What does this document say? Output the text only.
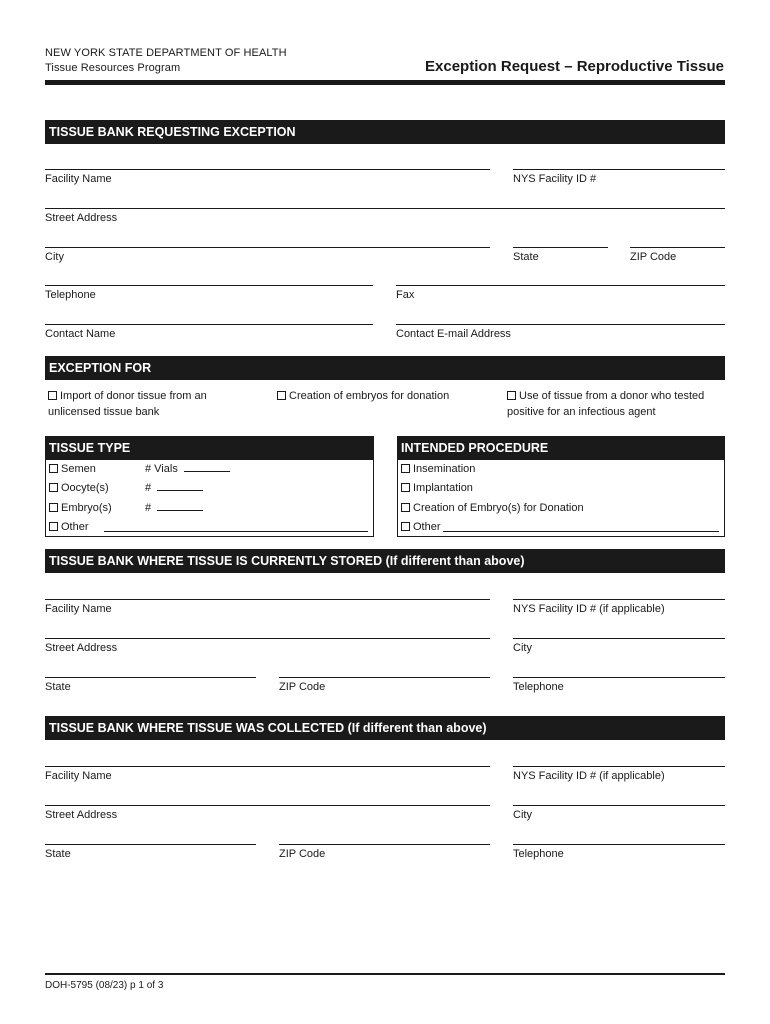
NEW YORK STATE DEPARTMENT OF HEALTH
Tissue Resources Program	Exception Request – Reproductive Tissue
TISSUE BANK REQUESTING EXCEPTION
Facility Name	NYS Facility ID #
Street Address
City	State	ZIP Code
Telephone	Fax
Contact Name	Contact E-mail Address
EXCEPTION FOR
Import of donor tissue from an unlicensed tissue bank
Creation of embryos for donation	Use of tissue from a donor who tested positive for an infectious agent
TISSUE TYPE
Semen	# Vials
Oocyte(s)	#
Embryo(s)	#
Other
INTENDED PROCEDURE
Insemination
Implantation
Creation of Embryo(s) for Donation
Other
TISSUE BANK WHERE TISSUE IS CURRENTLY STORED (If different than above)
Facility Name	NYS Facility ID # (if applicable)
Street Address	City
State	ZIP Code	Telephone
TISSUE BANK WHERE TISSUE WAS COLLECTED (If different than above)
Facility Name	NYS Facility ID # (if applicable)
Street Address	City
State	ZIP Code	Telephone
DOH-5795 (08/23) p 1 of 3
